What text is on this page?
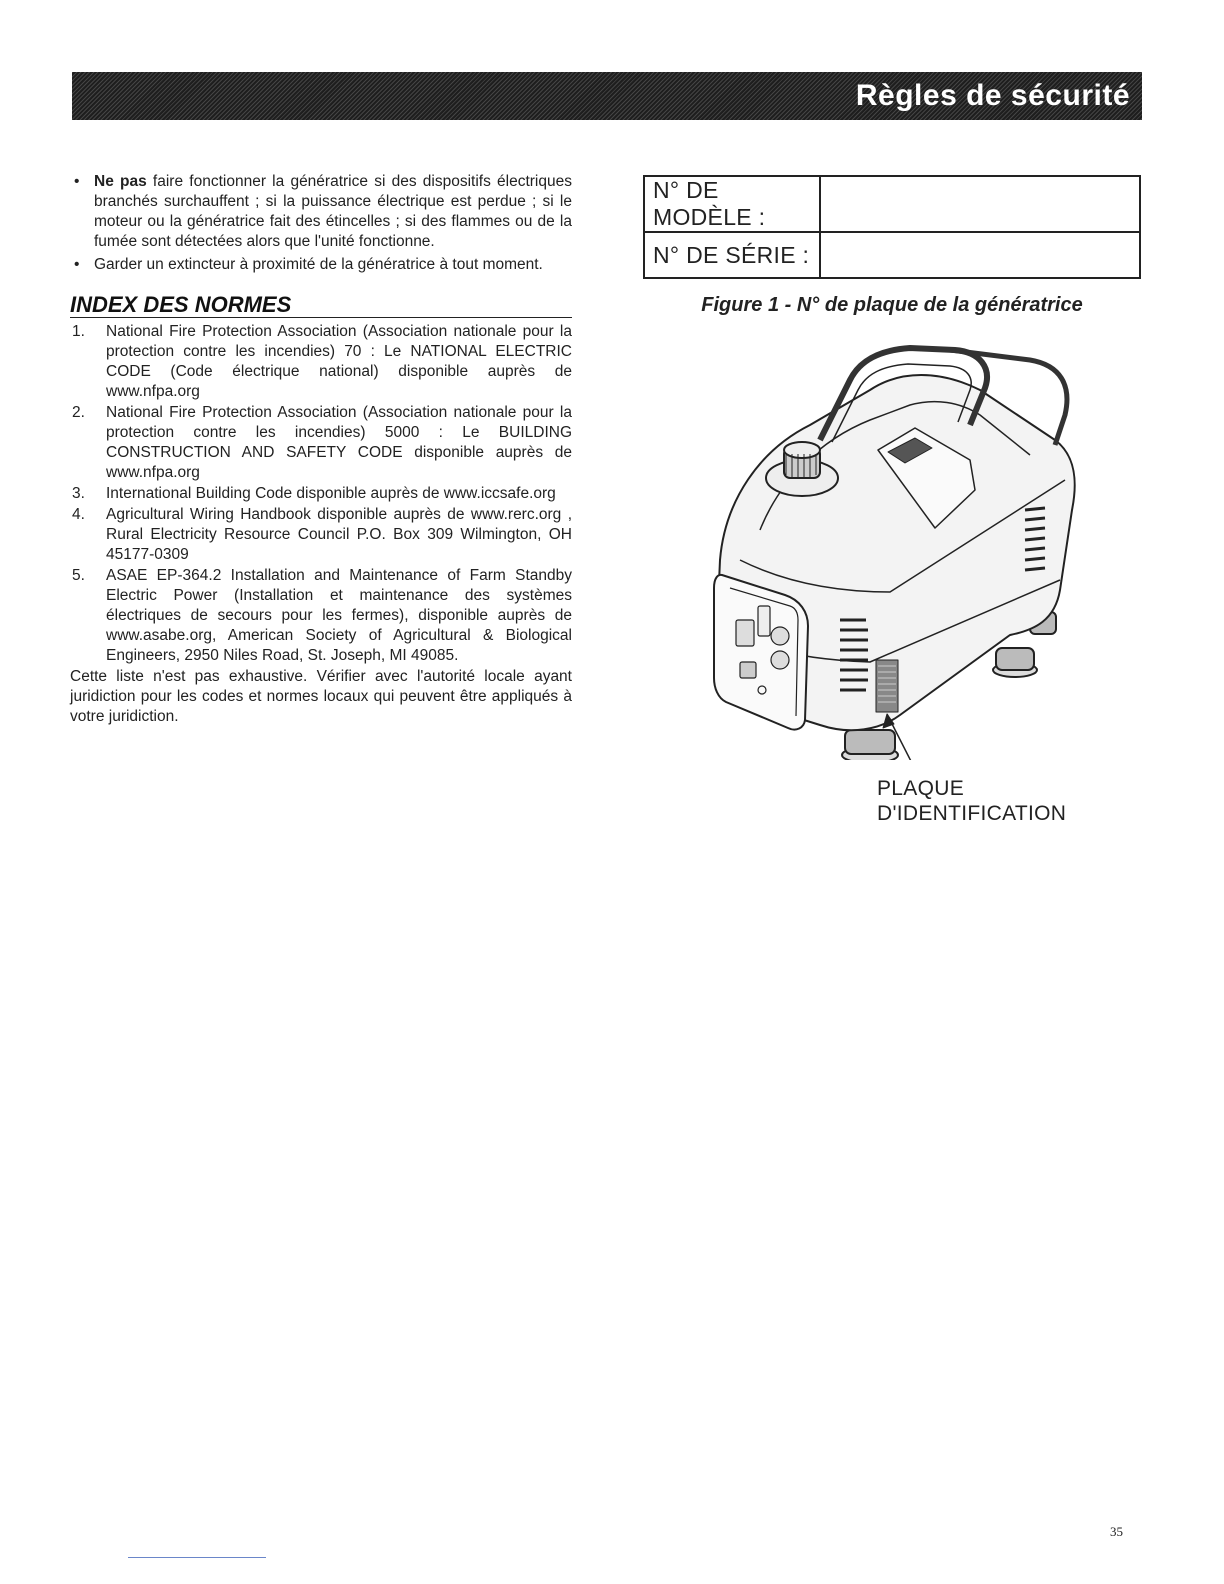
Règles de sécurité
• Ne pas faire fonctionner la génératrice si des dispositifs électriques branchés surchauffent ; si la puissance électrique est perdue ; si le moteur ou la génératrice fait des étincelles ; si des flammes ou de la fumée sont détectées alors que l'unité fonctionne.
• Garder un extincteur à proximité de la génératrice à tout moment.
INDEX DES NORMES
1. National Fire Protection Association (Association nationale pour la protection contre les incendies) 70 : Le NATIONAL ELECTRIC CODE (Code électrique national) disponible auprès de www.nfpa.org
2. National Fire Protection Association (Association nationale pour la protection contre les incendies) 5000 : Le BUILDING CONSTRUCTION AND SAFETY CODE disponible auprès de www.nfpa.org
3. International Building Code disponible auprès de www.iccsafe.org
4. Agricultural Wiring Handbook disponible auprès de www.rerc.org , Rural Electricity Resource Council P.O. Box 309 Wilmington, OH 45177-0309
5. ASAE EP-364.2 Installation and Maintenance of Farm Standby Electric Power (Installation et maintenance des systèmes électriques de secours pour les fermes), disponible auprès de www.asabe.org, American Society of Agricultural & Biological Engineers, 2950 Niles Road, St. Joseph, MI 49085.
Cette liste n'est pas exhaustive. Vérifier avec l'autorité locale ayant juridiction pour les codes et normes locaux qui peuvent être appliqués à votre juridiction.
N° DE MODÈLE :	
N° DE SÉRIE :	
Figure 1 - N° de plaque de la génératrice
PLAQUE
D'IDENTIFICATION
35
